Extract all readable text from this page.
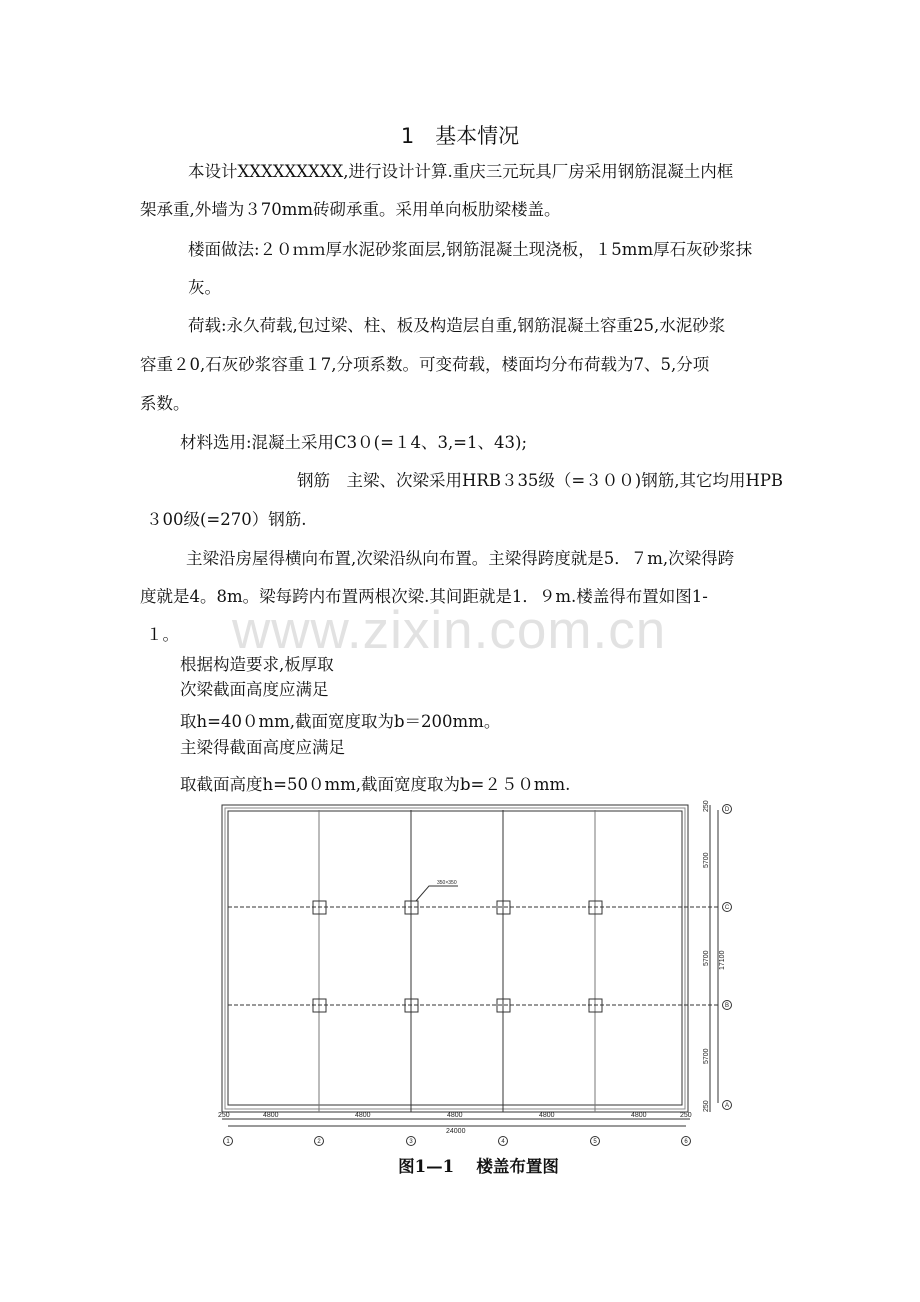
1　基本情况
本设计XXXXXXXXX,进行设计计算.重庆三元玩具厂房采用钢筋混凝土内框
架承重,外墙为３70mm砖砌承重。采用单向板肋梁楼盖。
楼面做法:２０ｍｍ厚水泥砂浆面层,钢筋混凝土现浇板，１5mm厚石灰砂浆抹
灰。
荷载:永久荷载,包过梁、柱、板及构造层自重,钢筋混凝土容重25,水泥砂浆
容重２0,石灰砂浆容重１7,分项系数。可变荷载，楼面均分布荷载为7、5,分项
系数。
材料选用:混凝土采用C3０(=１4、3,=1、43);
钢筋　主梁、次梁采用HRB３35级（=３００)钢筋,其它均用HPB
３00级(=270）钢筋.
主梁沿房屋得横向布置,次梁沿纵向布置。主梁得跨度就是5．７m,次梁得跨
度就是4。8m。梁每跨内布置两根次梁.其间距就是1．９m.楼盖得布置如图1-
www.zixin.com.cn
１。
根据构造要求,板厚取
次梁截面高度应满足
取h=40０mm,截面宽度取为b＝200mm。
主梁得截面高度应满足
取截面高度h=50０mm,截面宽度取为b=２５０mm.
350×350
250	4800	4800	4800	4800	4800	250
24000
250
5700
5700
5700
250
17100
1	2	3	4	5	6
D
C
B
A
图1—1　 楼盖布置图
